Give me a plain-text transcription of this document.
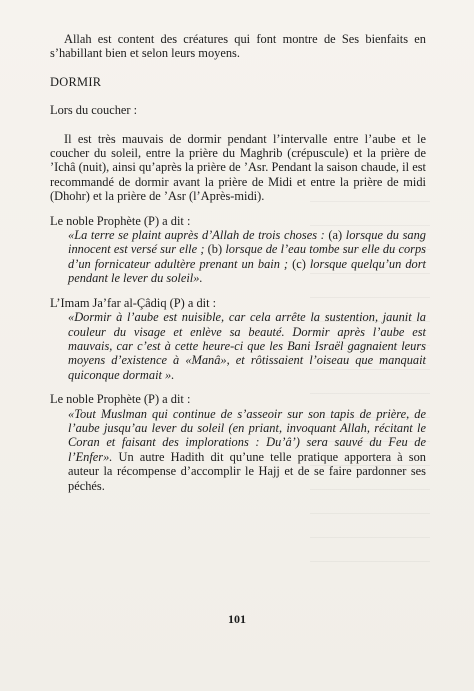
Allah est content des créatures qui font montre de Ses bienfaits en s’habillant bien et selon leurs moyens.

DORMIR

Lors du coucher :

Il est très mauvais de dormir pendant l’intervalle entre l’aube et le coucher du soleil, entre la prière du Maghrib (crépuscule) et la prière de ’Ichâ (nuit), ainsi qu’après la prière de ’Asr. Pendant la saison chaude, il est recommandé de dormir avant la prière de Midi et entre la prière de midi (Dhohr) et la prière de ’Asr (l’Après-midi).

Le noble Prophète (P) a dit :

«La terre se plaint auprès d’Allah de trois choses : (a) lorsque du sang innocent est versé sur elle ; (b) lorsque de l’eau tombe sur elle du corps d’un fornicateur adultère prenant un bain ; (c) lorsque quelqu’un dort pendant le lever du soleil».

L’Imam Ja’far al-Çâdiq (P) a dit :

«Dormir à l’aube est nuisible, car cela arrête la sustention, jaunit la couleur du visage et enlève sa beauté. Dormir après l’aube est mauvais, car c’est à cette heure-ci que les Bani Israël gagnaient leurs moyens d’existence à «Manâ», et rôtissaient l’oiseau que manquait quiconque dormait ».

Le noble Prophète (P) a dit :

«Tout Muslman qui continue de s’asseoir sur son tapis de prière, de l’aube jusqu’au lever du soleil (en priant, invoquant Allah, récitant le Coran et faisant des implorations : Du’â’) sera sauvé du Feu de l’Enfer». Un autre Hadith dit qu’une telle pratique apportera à son auteur la récompense d’accomplir le Hajj et de se faire pardonner ses péchés.

101
